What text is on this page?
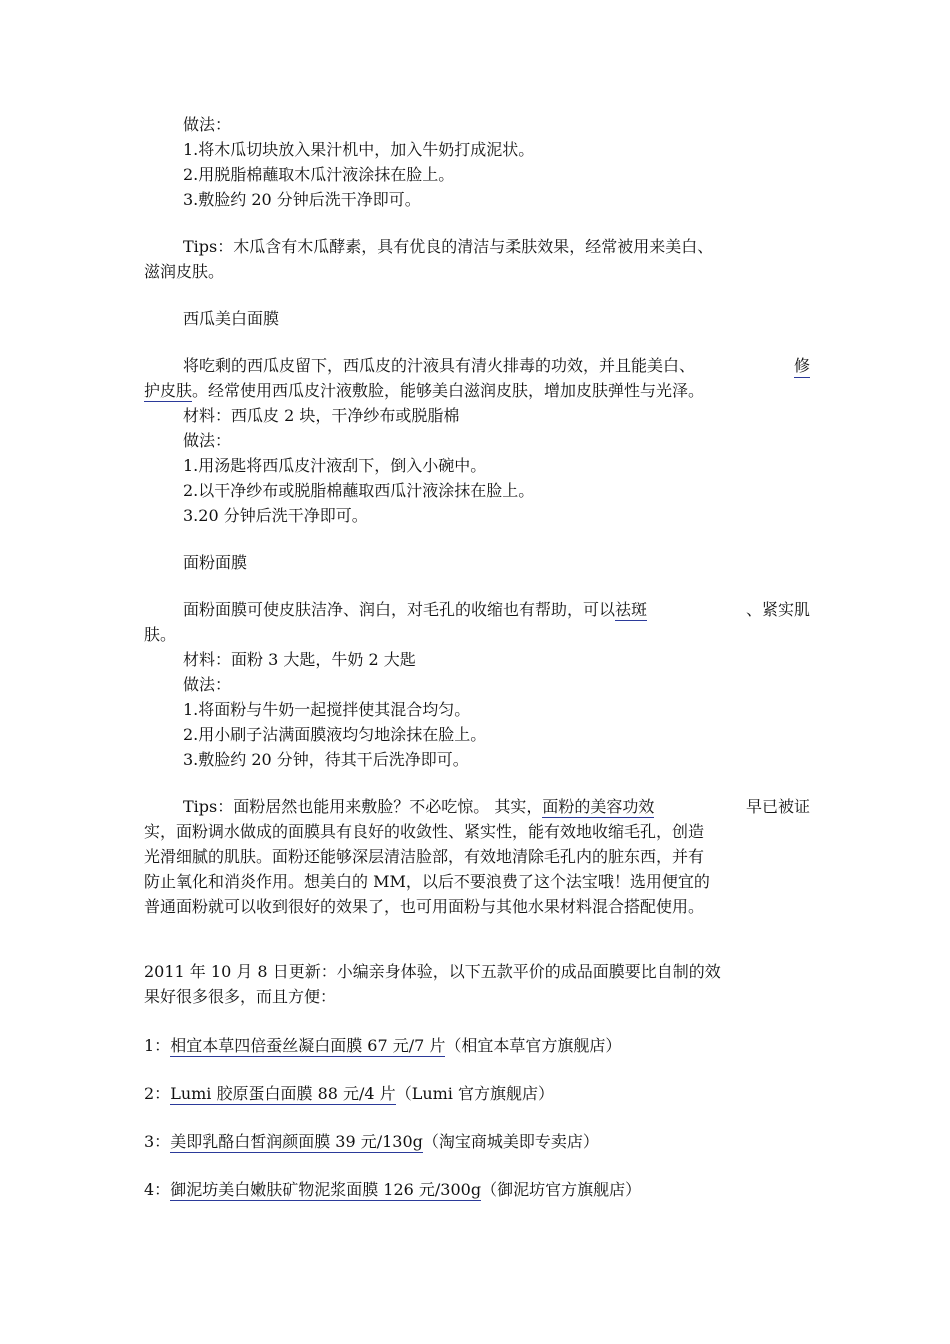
做法：
1.将木瓜切块放入果汁机中，加入牛奶打成泥状。
2.用脱脂棉蘸取木瓜汁液涂抹在脸上。
3.敷脸约 20 分钟后洗干净即可。
Tips：木瓜含有木瓜酵素，具有优良的清洁与柔肤效果，经常被用来美白、
滋润皮肤。
西瓜美白面膜
将吃剩的西瓜皮留下，西瓜皮的汁液具有清火排毒的功效，并且能美白、	修
护皮肤。经常使用西瓜皮汁液敷脸，能够美白滋润皮肤，增加皮肤弹性与光泽。
材料：西瓜皮 2 块，干净纱布或脱脂棉
做法：
1.用汤匙将西瓜皮汁液刮下，倒入小碗中。
2.以干净纱布或脱脂棉蘸取西瓜汁液涂抹在脸上。
3.20 分钟后洗干净即可。
面粉面膜
面粉面膜可使皮肤洁净、润白，对毛孔的收缩也有帮助，可以祛斑	、紧实肌
肤。
材料：面粉 3 大匙，牛奶 2 大匙
做法：
1.将面粉与牛奶一起搅拌使其混合均匀。
2.用小刷子沾满面膜液均匀地涂抹在脸上。
3.敷脸约 20 分钟，待其干后洗净即可。
Tips：面粉居然也能用来敷脸？不必吃惊。 其实，面粉的美容功效	早已被证
实，面粉调水做成的面膜具有良好的收敛性、紧实性，能有效地收缩毛孔，创造
光滑细腻的肌肤。面粉还能够深层清洁脸部，有效地清除毛孔内的脏东西，并有
防止氧化和消炎作用。想美白的 MM，以后不要浪费了这个法宝哦！选用便宜的
普通面粉就可以收到很好的效果了，也可用面粉与其他水果材料混合搭配使用。
2011 年 10 月 8 日更新：小编亲身体验，以下五款平价的成品面膜要比自制的效
果好很多很多，而且方便：
1：相宜本草四倍蚕丝凝白面膜 67 元/7 片（相宜本草官方旗舰店）
2：Lumi 胶原蛋白面膜 88 元/4 片（Lumi 官方旗舰店）
3：美即乳酪白皙润颜面膜 39 元/130g（淘宝商城美即专卖店）
4：御泥坊美白嫩肤矿物泥浆面膜 126 元/300g（御泥坊官方旗舰店）
